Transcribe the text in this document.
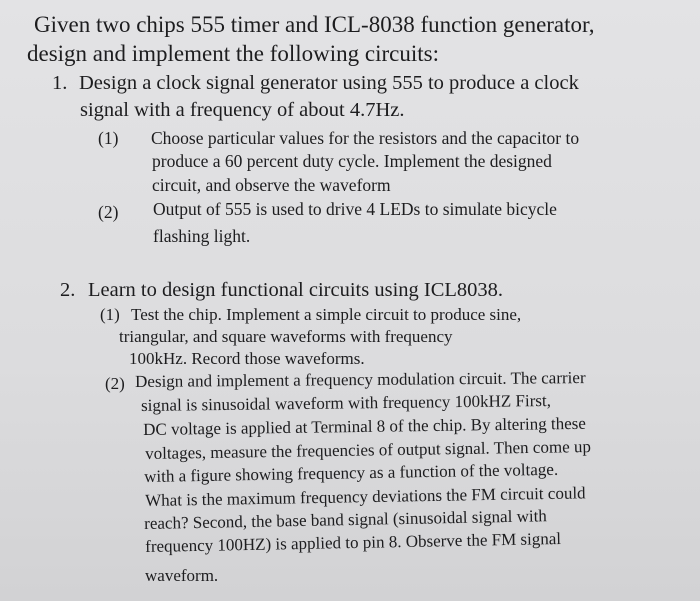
Given two chips 555 timer and ICL-8038 function generator,
design and implement the following circuits:
1. Design a clock signal generator using 555 to produce a clock
signal with a frequency of about 4.7Hz.
(1) Choose particular values for the resistors and the capacitor to
produce a 60 percent duty cycle. Implement the designed
circuit, and observe the waveform
(2) Output of 555 is used to drive 4 LEDs to simulate bicycle
flashing light.
2. Learn to design functional circuits using ICL8038.
(1) Test the chip. Implement a simple circuit to produce sine,
triangular, and square waveforms with frequency
100kHz. Record those waveforms.
(2) Design and implement a frequency modulation circuit. The carrier
signal is sinusoidal waveform with frequency 100kHZ First,
DC voltage is applied at Terminal 8 of the chip. By altering these
voltages, measure the frequencies of output signal. Then come up
with a figure showing frequency as a function of the voltage.
What is the maximum frequency deviations the FM circuit could
reach? Second, the base band signal (sinusoidal signal with
frequency 100HZ) is applied to pin 8. Observe the FM signal
waveform.
